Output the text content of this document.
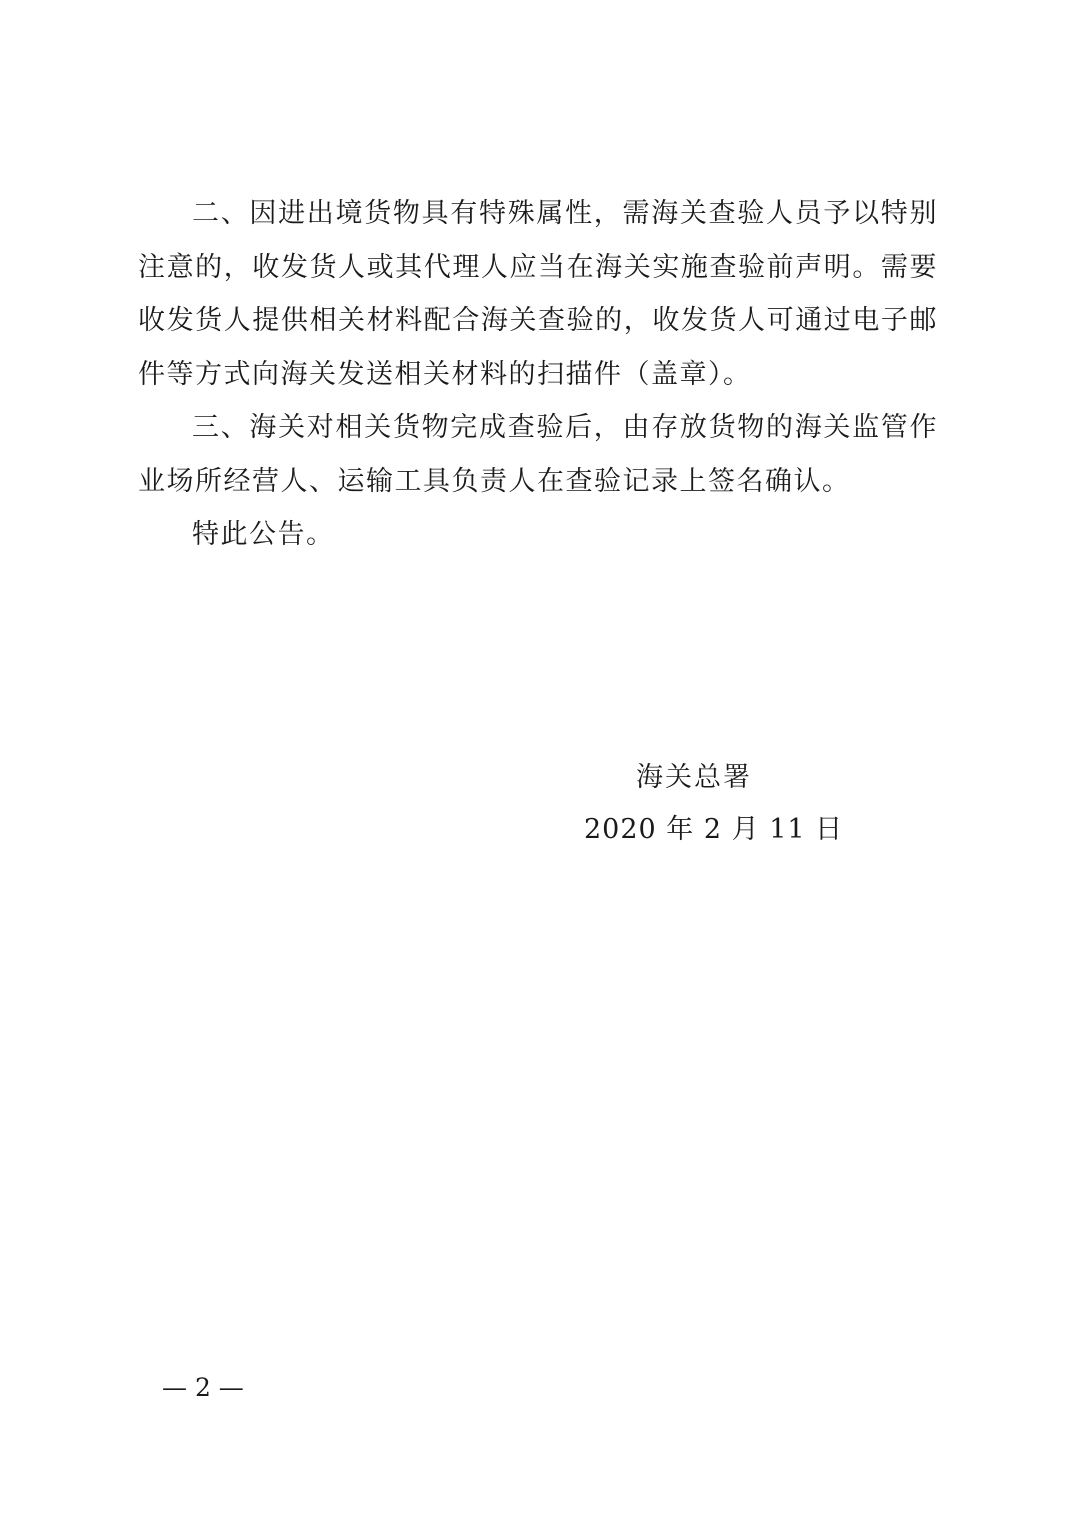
二、因进出境货物具有特殊属性，需海关查验人员予以特别注意的，收发货人或其代理人应当在海关实施查验前声明。需要收发货人提供相关材料配合海关查验的，收发货人可通过电子邮件等方式向海关发送相关材料的扫描件（盖章）。

三、海关对相关货物完成查验后，由存放货物的海关监管作业场所经营人、运输工具负责人在查验记录上签名确认。

特此公告。

海关总署

2020 年 2 月 11 日

— 2 —
